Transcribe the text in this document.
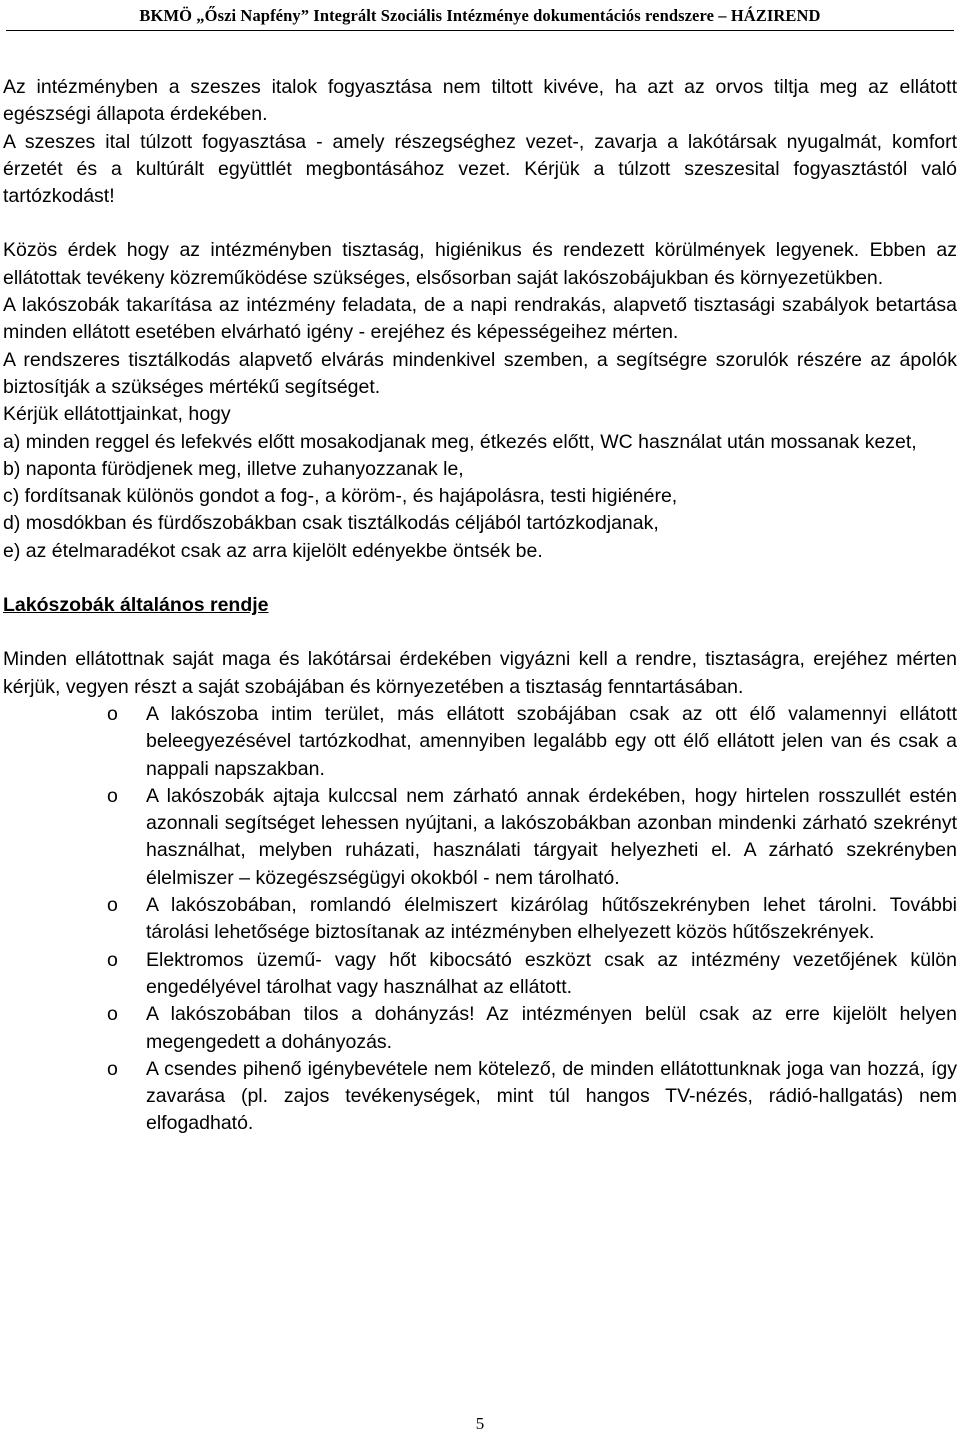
BKMÖ „Őszi Napfény” Integrált Szociális Intézménye dokumentációs rendszere – HÁZIREND

Az intézményben a szeszes italok fogyasztása nem tiltott kivéve, ha azt az orvos tiltja meg az ellátott egészségi állapota érdekében.

A szeszes ital túlzott fogyasztása - amely részegséghez vezet-, zavarja a lakótársak nyugalmát, komfort érzetét és a kultúrált együttlét megbontásához vezet. Kérjük a túlzott szeszesital fogyasztástól való tartózkodást!

Közös érdek hogy az intézményben tisztaság, higiénikus és rendezett körülmények legyenek. Ebben az ellátottak tevékeny közreműködése szükséges, elsősorban saját lakószobájukban és környezetükben.

A lakószobák takarítása az intézmény feladata, de a napi rendrakás, alapvető tisztasági szabályok betartása minden ellátott esetében elvárható igény - erejéhez és képességeihez mérten.

A rendszeres tisztálkodás alapvető elvárás mindenkivel szemben, a segítségre szorulók részére az ápolók biztosítják a szükséges mértékű segítséget.

Kérjük ellátottjainkat, hogy

a) minden reggel és lefekvés előtt mosakodjanak meg, étkezés előtt, WC használat után mossanak kezet,
b) naponta fürödjenek meg, illetve zuhanyozzanak le,
c) fordítsanak különös gondot a fog-, a köröm-, és hajápolásra, testi higiénére,
d) mosdókban és fürdőszobákban csak tisztálkodás céljából tartózkodjanak,
e) az ételmaradékot csak az arra kijelölt edényekbe öntsék be.
Lakószobák általános rendje

Minden ellátottnak saját maga és lakótársai érdekében vigyázni kell a rendre, tisztaságra, erejéhez mérten kérjük, vegyen részt a saját szobájában és környezetében a tisztaság fenntartásában.

o A lakószoba intim terület, más ellátott szobájában csak az ott élő valamennyi ellátott beleegyezésével tartózkodhat, amennyiben legalább egy ott élő ellátott jelen van és csak a nappali napszakban.
o A lakószobák ajtaja kulccsal nem zárható annak érdekében, hogy hirtelen rosszullét estén azonnali segítséget lehessen nyújtani, a lakószobákban azonban mindenki zárható szekrényt használhat, melyben ruházati, használati tárgyait helyezheti el. A zárható szekrényben élelmiszer – közegészségügyi okokból - nem tárolható.
o A lakószobában, romlandó élelmiszert kizárólag hűtőszekrényben lehet tárolni. További tárolási lehetősége biztosítanak az intézményben elhelyezett közös hűtőszekrények.
o Elektromos üzemű- vagy hőt kibocsátó eszközt csak az intézmény vezetőjének külön engedélyével tárolhat vagy használhat az ellátott.
o A lakószobában tilos a dohányzás! Az intézményen belül csak az erre kijelölt helyen megengedett a dohányozás.
o A csendes pihenő igénybevétele nem kötelező, de minden ellátottunknak joga van hozzá, így zavarása (pl. zajos tevékenységek, mint túl hangos TV-nézés, rádió-hallgatás) nem elfogadható.
5
